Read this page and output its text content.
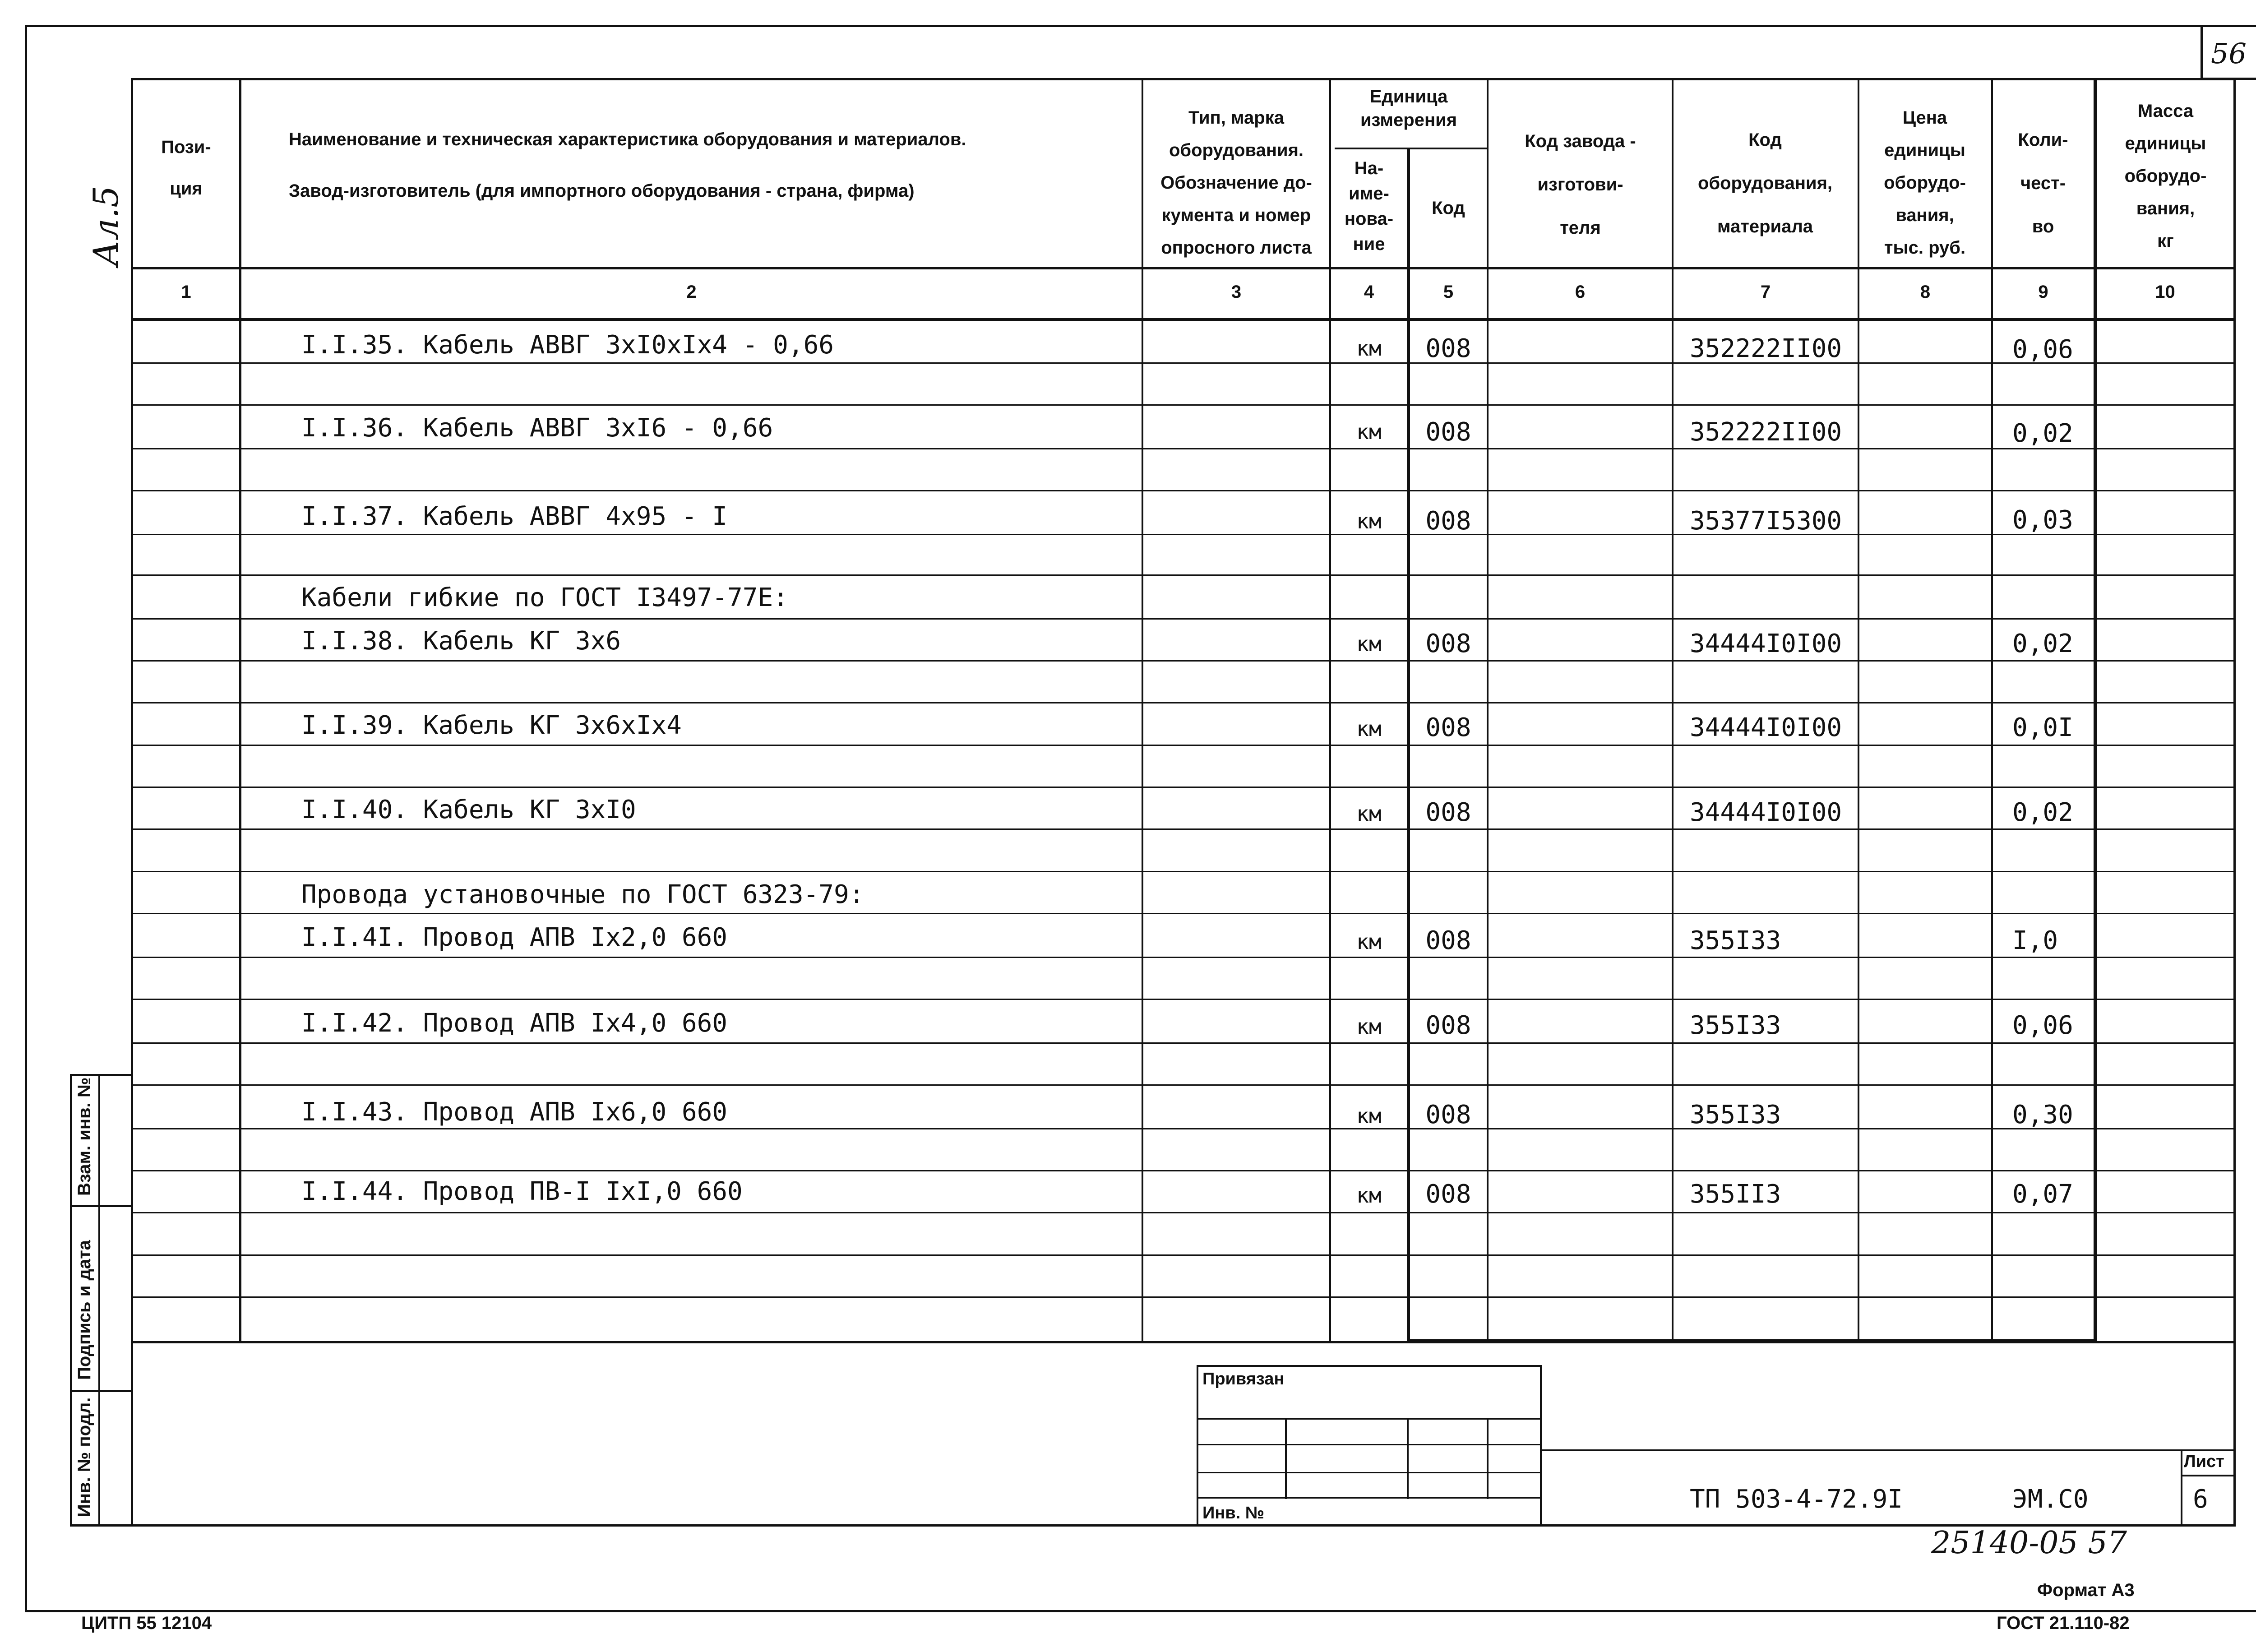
56
Ал.5
Пози-
ция
Наименование и техническая характеристика оборудования и материалов.
Завод-изготовитель (для импортного оборудования - страна, фирма)
Тип, марка
оборудования.
Обозначение до-
кумента и номер
опросного листа
Единица
измерения
На-
име-
нова-
ние
Код
Код завода -
изготови-
теля
Код
оборудования,
материала
Цена
единицы
оборудо-
вания,
тыс. руб.
Коли-
чест-
во
Масса
единицы
оборудо-
вания,
кг
1	2	3	4	5	6	7	8	9	10
I.I.35. Кабель АВВГ 3xI0xIx4 - 0,66	км	008	352222II00	0,06
I.I.36. Кабель АВВГ 3xI6 - 0,66	км	008	352222II00	0,02
I.I.37. Кабель АВВГ 4x95 - I	км	008	35377I5300	0,03
Кабели гибкие по ГОСТ I3497-77Е:
I.I.38. Кабель КГ 3x6	км	008	34444I0I00	0,02
I.I.39. Кабель КГ 3x6xIx4	км	008	34444I0I00	0,0I
I.I.40. Кабель КГ 3xI0	км	008	34444I0I00	0,02
Провода установочные по ГОСТ 6323-79:
I.I.4I. Провод АПВ Ix2,0 660	км	008	355I33	I,0
I.I.42. Провод АПВ Ix4,0 660	км	008	355I33	0,06
I.I.43. Провод АПВ Ix6,0 660	км	008	355I33	0,30
I.I.44. Провод ПВ-I IxI,0 660	км	008	355II3	0,07
Взам. инв. №
Подпись и дата
Инв. № подл.
Привязан
Инв. №
Лист
6
ТП 503-4-72.9I	ЭМ.С0
25140-05 57
Формат А3
ЦИТП 55 12104	ГОСТ 21.110-82
